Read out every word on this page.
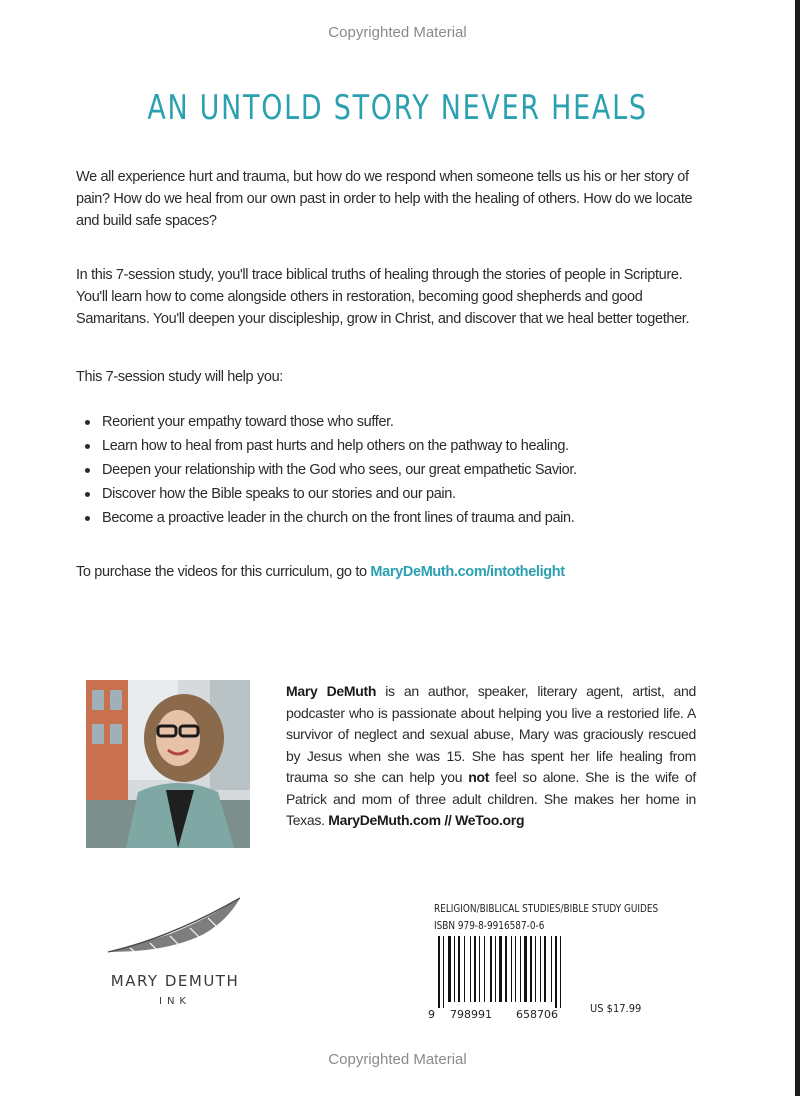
Copyrighted Material
AN UNTOLD STORY NEVER HEALS

We all experience hurt and trauma, but how do we respond when someone tells us his or her story of pain? How do we heal from our own past in order to help with the healing of others. How do we locate and build safe spaces?

In this 7-session study, you'll trace biblical truths of healing through the stories of people in Scripture. You'll learn how to come alongside others in restoration, becoming good shepherds and good Samaritans. You'll deepen your discipleship, grow in Christ, and discover that we heal better together.

This 7-session study will help you:

Reorient your empathy toward those who suffer.
Learn how to heal from past hurts and help others on the pathway to healing.
Deepen your relationship with the God who sees, our great empathetic Savior.
Discover how the Bible speaks to our stories and our pain.
Become a proactive leader in the church on the front lines of trauma and pain.

To purchase the videos for this curriculum, go to MaryDeMuth.com/intothelight

Mary DeMuth is an author, speaker, literary agent, artist, and podcaster who is passionate about helping you live a restoried life. A survivor of neglect and sexual abuse, Mary was graciously rescued by Jesus when she was 15. She has spent her life healing from trauma so she can help you not feel so alone. She is the wife of Patrick and mom of three adult children. She makes her home in Texas. MaryDeMuth.com // WeToo.org
MARY DEMUTH
INK
RELIGION/BIBLICAL STUDIES/BIBLE STUDY GUIDES
ISBN 979-8-9916587-0-6
9 798991 658706	US $17.99
Copyrighted Material
